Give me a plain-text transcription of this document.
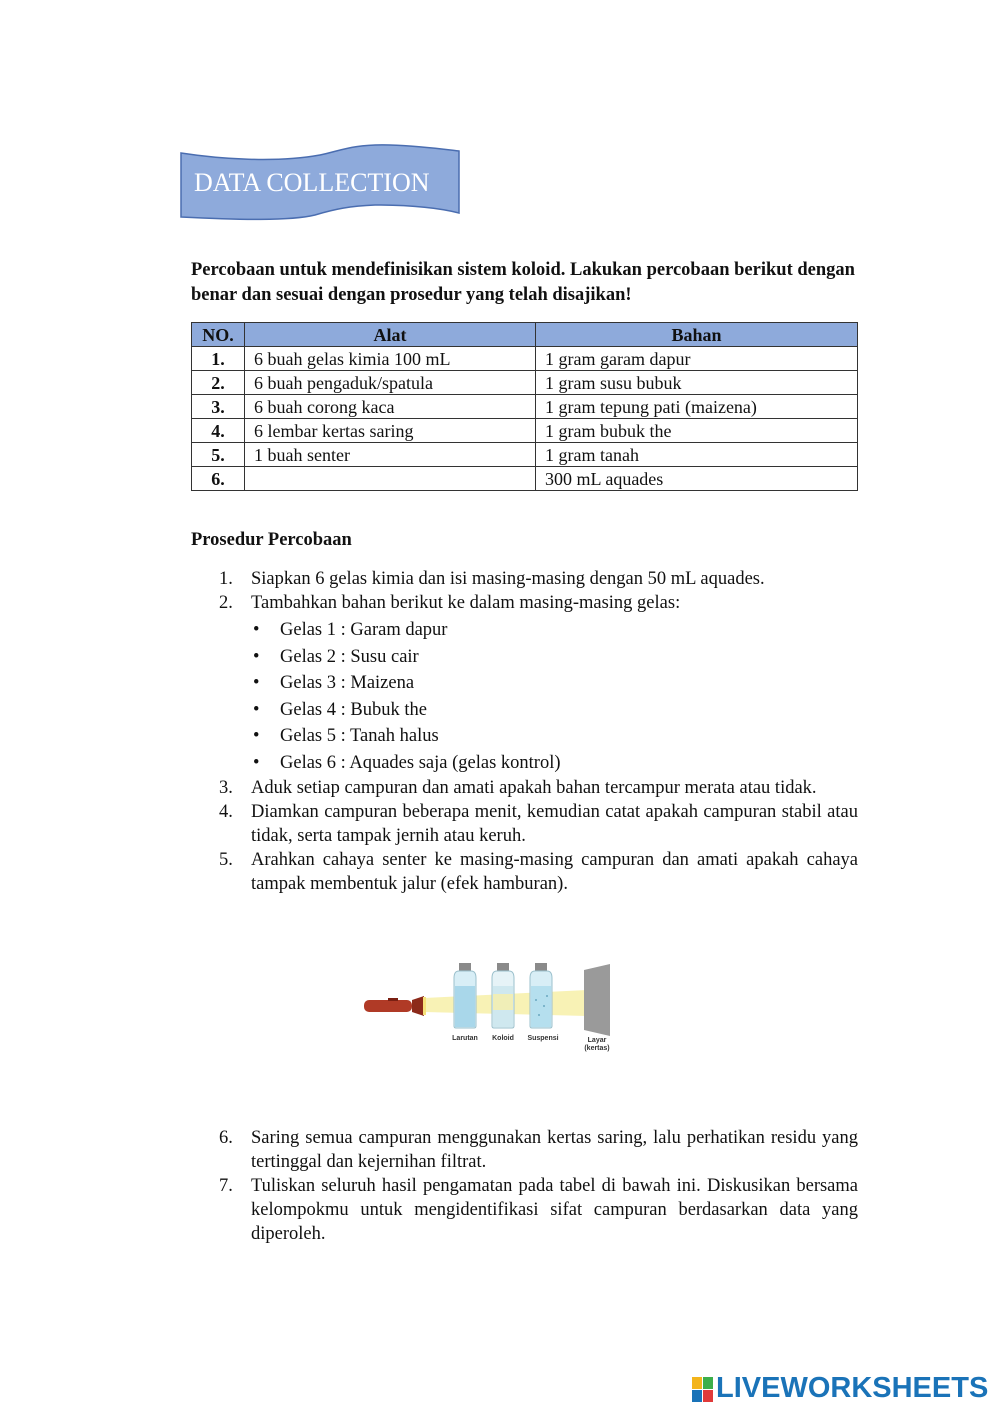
DATA COLLECTION
Percobaan untuk mendefinisikan sistem koloid. Lakukan percobaan berikut dengan benar dan sesuai dengan prosedur yang telah disajikan!
NO.	Alat	Bahan
1.	6 buah gelas kimia 100 mL	1 gram garam dapur
2.	6 buah pengaduk/spatula	1 gram susu bubuk
3.	6 buah corong kaca	1 gram tepung pati (maizena)
4.	6 lembar kertas saring	1 gram bubuk the
5.	1 buah senter	1 gram tanah
6.		300 mL aquades
Prosedur Percobaan

1. Siapkan 6 gelas kimia dan isi masing-masing dengan 50 mL aquades.

2. Tambahkan bahan berikut ke dalam masing-masing gelas:

• Gelas 1 : Garam dapur

• Gelas 2 : Susu cair

• Gelas 3 : Maizena

• Gelas 4 : Bubuk the

• Gelas 5 : Tanah halus

• Gelas 6 : Aquades saja (gelas kontrol)

3. Aduk setiap campuran dan amati apakah bahan tercampur merata atau tidak.

4. Diamkan campuran beberapa menit, kemudian catat apakah campuran stabil atau tidak, serta tampak jernih atau keruh.

5. Arahkan cahaya senter ke masing-masing campuran dan amati apakah cahaya tampak membentuk jalur (efek hamburan).

Larutan Koloid Suspensi	Layar
(kertas)

6. Saring semua campuran menggunakan kertas saring, lalu perhatikan residu yang tertinggal dan kejernihan filtrat.

7. Tuliskan seluruh hasil pengamatan pada tabel di bawah ini. Diskusikan bersama kelompokmu untuk mengidentifikasi sifat campuran berdasarkan data yang diperoleh.

LIVEWORKSHEETS
